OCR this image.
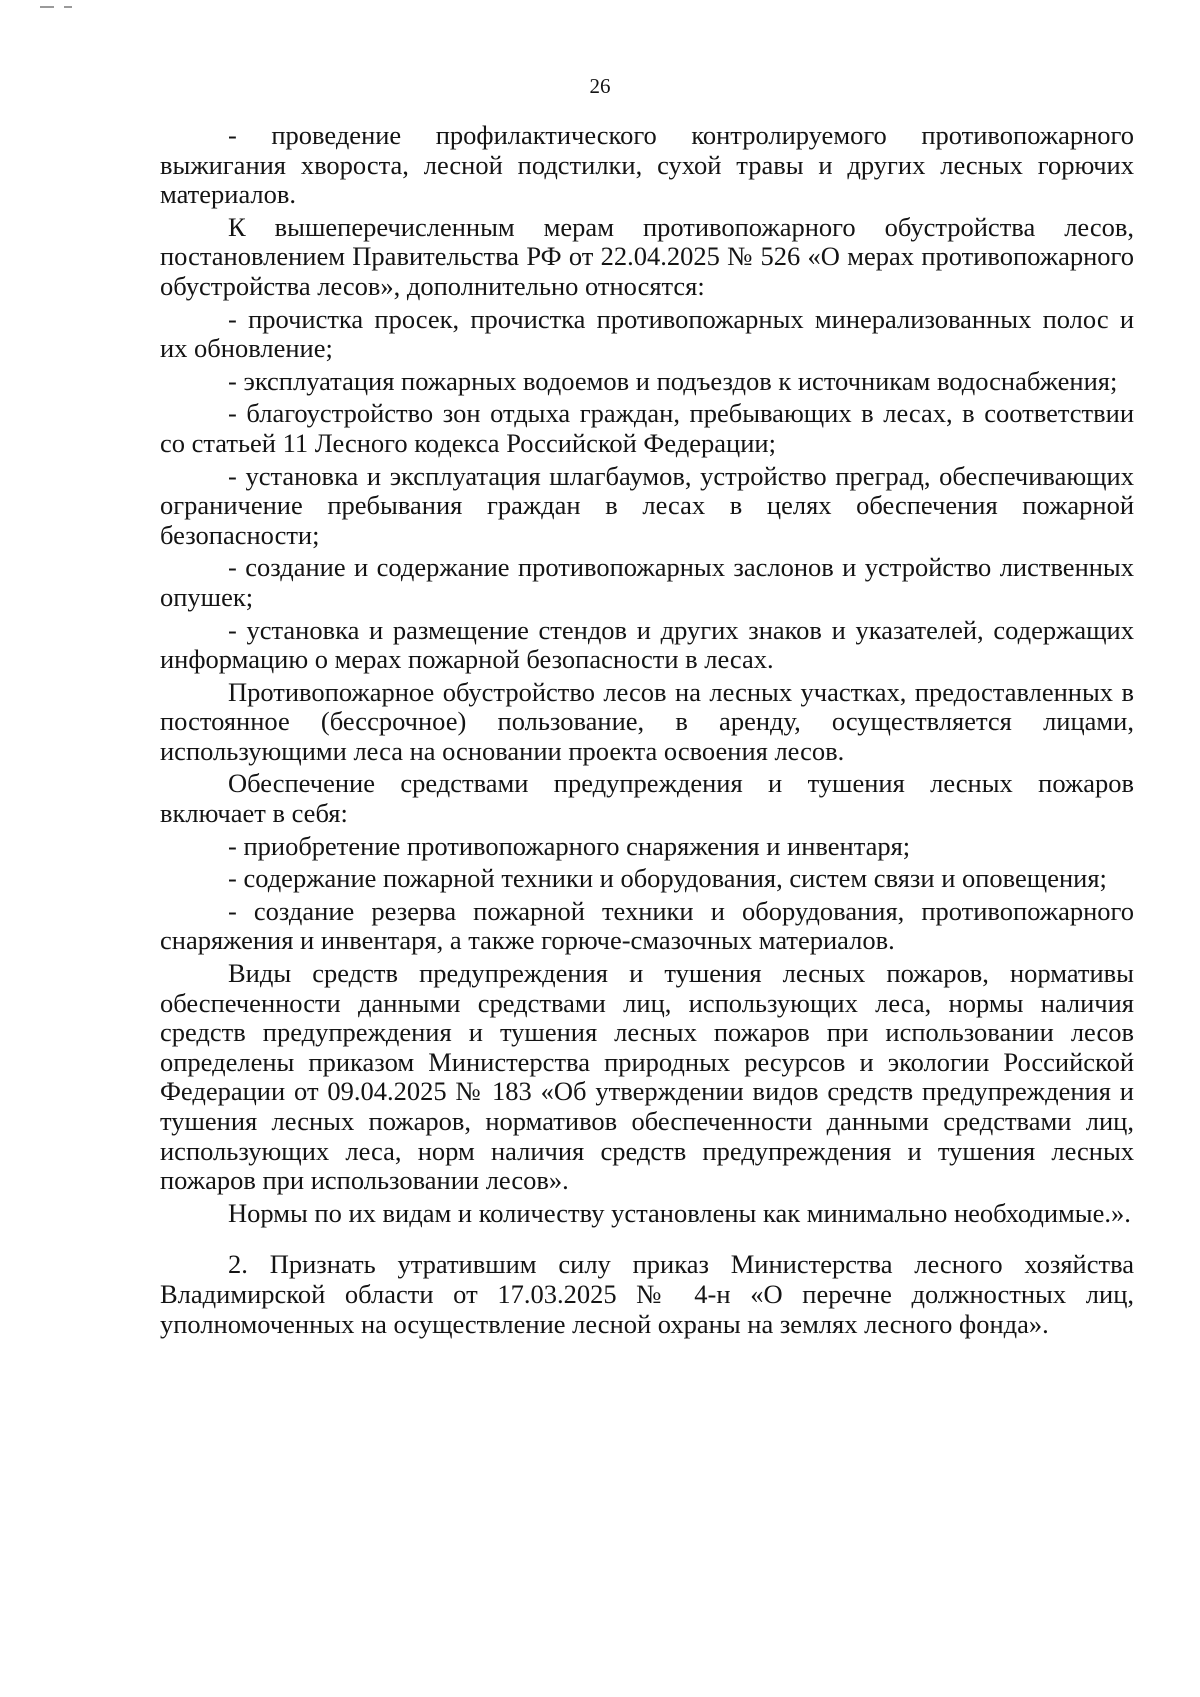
26

- проведение профилактического контролируемого противопожарного выжигания хвороста, лесной подстилки, сухой травы и других лесных горючих материалов.

К вышеперечисленным мерам противопожарного обустройства лесов, постановлением Правительства РФ от 22.04.2025 № 526 «О мерах противопожарного обустройства лесов», дополнительно относятся:

- прочистка просек, прочистка противопожарных минерализованных полос и их обновление;

- эксплуатация пожарных водоемов и подъездов к источникам водоснабжения;

- благоустройство зон отдыха граждан, пребывающих в лесах, в соответствии со статьей 11 Лесного кодекса Российской Федерации;

- установка и эксплуатация шлагбаумов, устройство преград, обеспечивающих ограничение пребывания граждан в лесах в целях обеспечения пожарной безопасности;

- создание и содержание противопожарных заслонов и устройство лиственных опушек;

- установка и размещение стендов и других знаков и указателей, содержащих информацию о мерах пожарной безопасности в лесах.

Противопожарное обустройство лесов на лесных участках, предоставленных в постоянное (бессрочное) пользование, в аренду, осуществляется лицами, использующими леса на основании проекта освоения лесов.

Обеспечение средствами предупреждения и тушения лесных пожаров включает в себя:

- приобретение противопожарного снаряжения и инвентаря;

- содержание пожарной техники и оборудования, систем связи и оповещения;

- создание резерва пожарной техники и оборудования, противопожарного снаряжения и инвентаря, а также горюче-смазочных материалов.

Виды средств предупреждения и тушения лесных пожаров, нормативы обеспеченности данными средствами лиц, использующих леса, нормы наличия средств предупреждения и тушения лесных пожаров при использовании лесов определены приказом Министерства природных ресурсов и экологии Российской Федерации от 09.04.2025 № 183 «Об утверждении видов средств предупреждения и тушения лесных пожаров, нормативов обеспеченности данными средствами лиц, использующих леса, норм наличия средств предупреждения и тушения лесных пожаров при использовании лесов».

Нормы по их видам и количеству установлены как минимально необходимые.».

2. Признать утратившим силу приказ Министерства лесного хозяйства Владимирской области от 17.03.2025 № 4-н «О перечне должностных лиц, уполномоченных на осуществление лесной охраны на землях лесного фонда».
